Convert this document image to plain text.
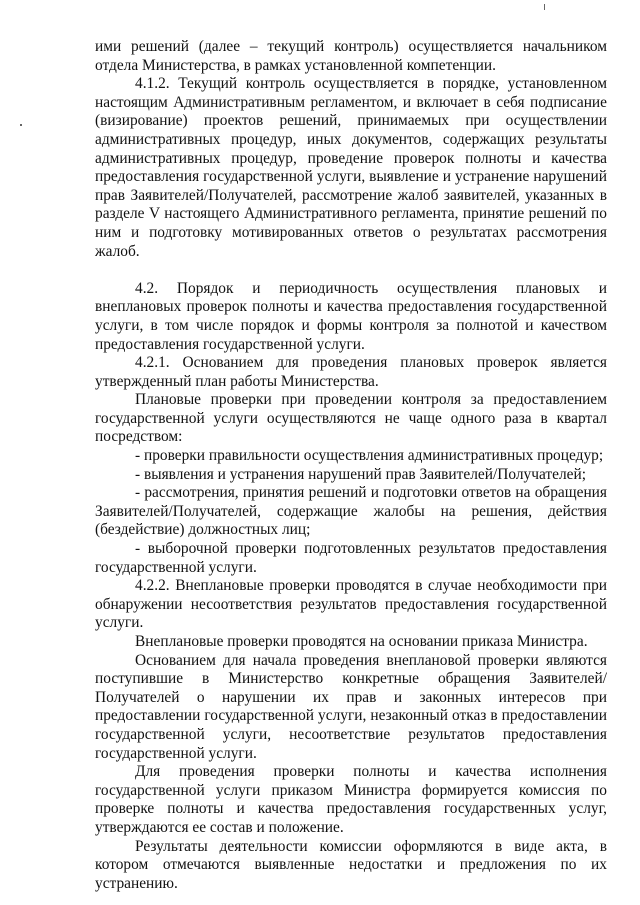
ими решений (далее – текущий контроль) осуществляется начальником отдела Министерства, в рамках установленной компетенции.

4.1.2. Текущий контроль осуществляется в порядке, установленном настоящим Административным регламентом, и включает в себя подписание (визирование) проектов решений, принимаемых при осуществлении административных процедур, иных документов, содержащих результаты административных процедур, проведение проверок полноты и качества предоставления государственной услуги, выявление и устранение нарушений прав Заявителей/Получателей, рассмотрение жалоб заявителей, указанных в разделе V настоящего Административного регламента, принятие решений по ним и подготовку мотивированных ответов о результатах рассмотрения жалоб.

4.2. Порядок и периодичность осуществления плановых и внеплановых проверок полноты и качества предоставления государственной услуги, в том числе порядок и формы контроля за полнотой и качеством предоставления государственной услуги.

4.2.1. Основанием для проведения плановых проверок является утвержденный план работы Министерства.

Плановые проверки при проведении контроля за предоставлением государственной услуги осуществляются не чаще одного раза в квартал посредством:

- проверки правильности осуществления административных процедур;

- выявления и устранения нарушений прав Заявителей/Получателей;

- рассмотрения, принятия решений и подготовки ответов на обращения Заявителей/Получателей, содержащие жалобы на решения, действия (бездействие) должностных лиц;

- выборочной проверки подготовленных результатов предоставления государственной услуги.

4.2.2. Внеплановые проверки проводятся в случае необходимости при обнаружении несоответствия результатов предоставления государственной услуги.

Внеплановые проверки проводятся на основании приказа Министра.

Основанием для начала проведения внеплановой проверки являются поступившие в Министерство конкретные обращения Заявителей/Получателей о нарушении их прав и законных интересов при предоставлении государственной услуги, незаконный отказ в предоставлении государственной услуги, несоответствие результатов предоставления государственной услуги.

Для проведения проверки полноты и качества исполнения государственной услуги приказом Министра формируется комиссия по проверке полноты и качества предоставления государственных услуг, утверждаются ее состав и положение.

Результаты деятельности комиссии оформляются в виде акта, в котором отмечаются выявленные недостатки и предложения по их устранению.
